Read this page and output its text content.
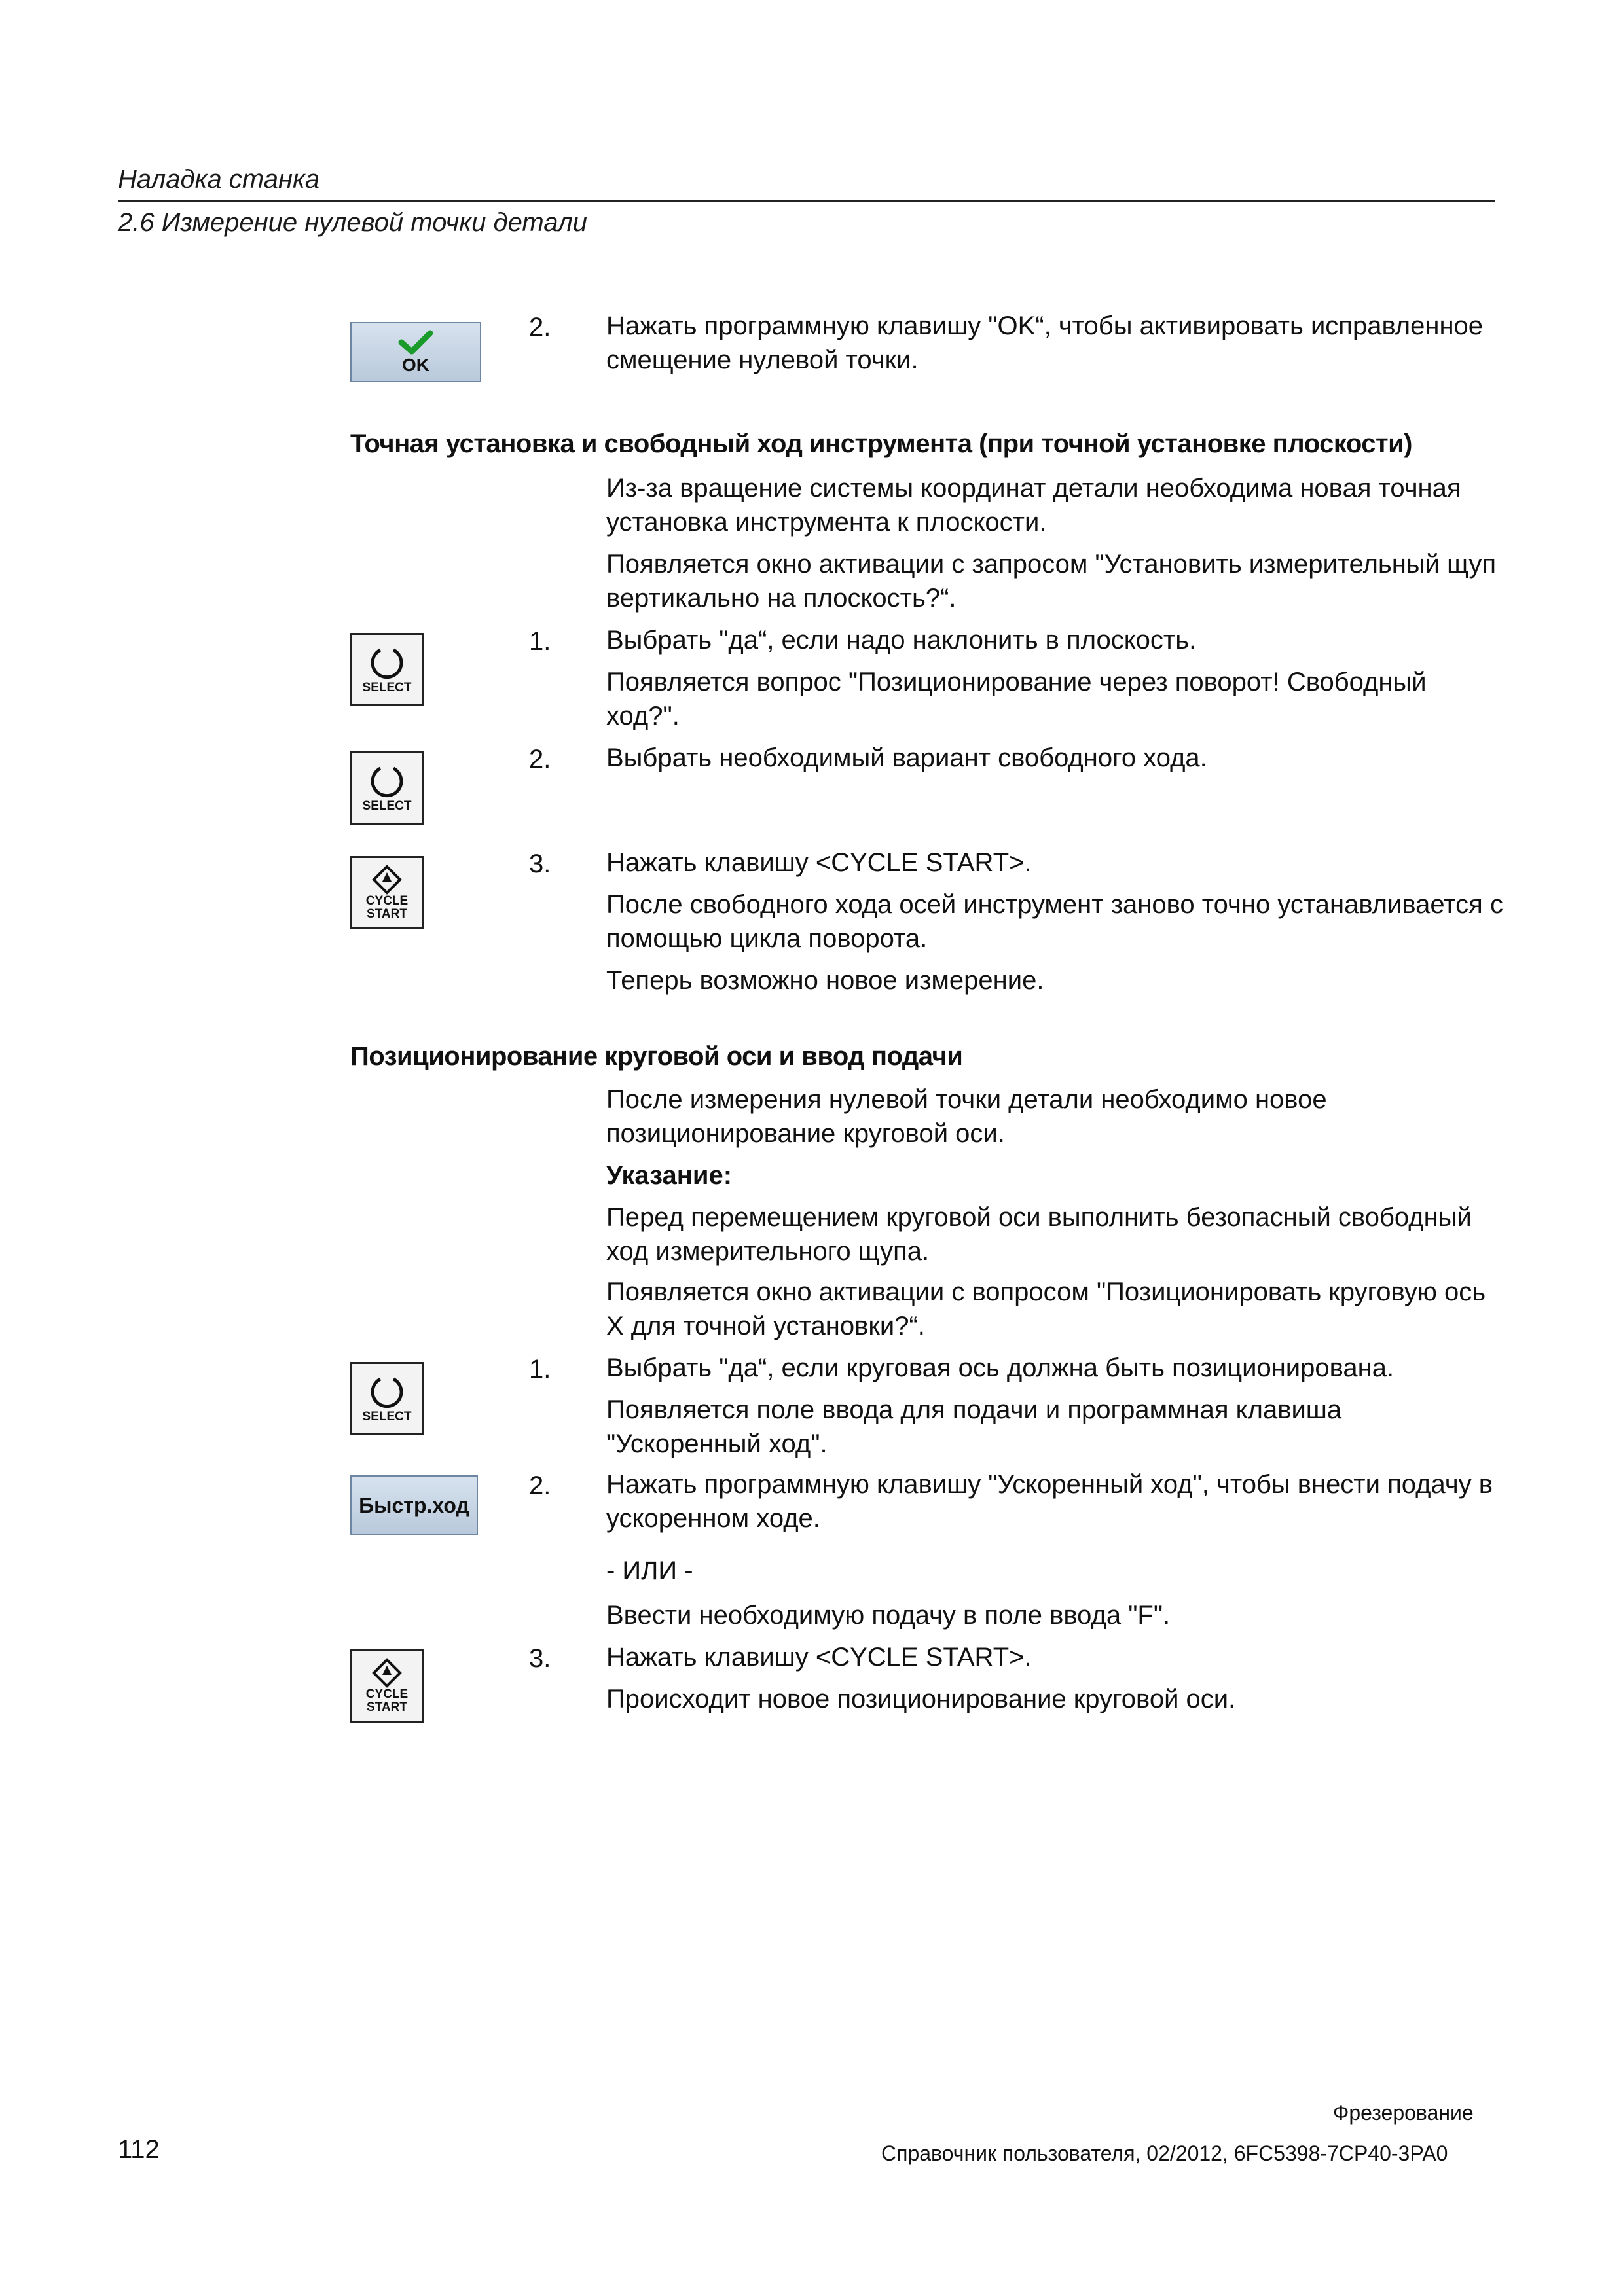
Наладка станка
2.6 Измерение нулевой точки детали
OK
2. Нажать программную клавишу "OK“, чтобы активировать исправленное смещение нулевой точки.
Точная установка и свободный ход инструмента (при точной установке плоскости)
Из-за вращение системы координат детали необходима новая точная установка инструмента к плоскости.
Появляется окно активации с запросом "Установить измерительный щуп вертикально на плоскость?“.
SELECT
1. Выбрать "да“, если надо наклонить в плоскость.
Появляется вопрос "Позиционирование через поворот! Свободный ход?".
SELECT
2. Выбрать необходимый вариант свободного хода.
CYCLE
START
3. Нажать клавишу <CYCLE START>.
После свободного хода осей инструмент заново точно устанавливается с помощью цикла поворота.
Теперь возможно новое измерение.
Позиционирование круговой оси и ввод подачи
После измерения нулевой точки детали необходимо новое позиционирование круговой оси.
Указание:
Перед перемещением круговой оси выполнить безопасный свободный ход измерительного щупа.
Появляется окно активации с вопросом "Позиционировать круговую ось X для точной установки?“.
SELECT
1. Выбрать "да“, если круговая ось должна быть позиционирована.
Появляется поле ввода для подачи и программная клавиша "Ускоренный ход".
Быстр.ход
2. Нажать программную клавишу "Ускоренный ход", чтобы внести подачу в ускоренном ходе.
- ИЛИ -
Ввести необходимую подачу в поле ввода "F".
CYCLE
START
3. Нажать клавишу <CYCLE START>.
Происходит новое позиционирование круговой оси.
Фрезерование
112	Справочник пользователя, 02/2012, 6FC5398-7CP40-3PA0
